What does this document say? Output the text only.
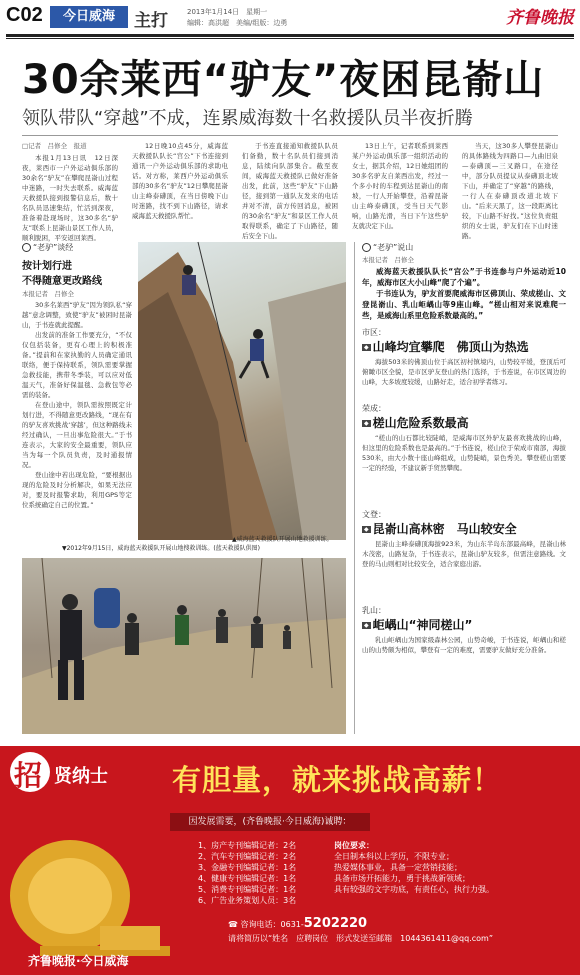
C02	今日威海	主打	2013年1月14日　星期一
编辑：高洪超　美编/组版：边勇	齐鲁晚报
30余莱西“驴友”夜困昆嵛山
领队带队“穿越”不成，连累威海数十名救援队员半夜折腾
□记者　吕修全　报道

本报1月13日讯　12日深夜，莱西市一户外运动俱乐部的30余名“驴友”在攀爬昆嵛山过程中迷路，一时失去联系。威海蓝天救援队接到报警信息后，数十名队员迅速集结，忙活到深夜，准备着赴现场时，这30多名“驴友”联系上昆嵛山景区工作人员，顺利脱困，平安返回莱西。

12日晚10点45分，威海蓝天救援队队长“宫公”下书连接到通讯一户外运动俱乐部的求助电话。对方称，莱西户外运动俱乐部的30多名“驴友”12日攀爬昆嵛山主峰泰礴顶，在当日傍晚下山时迷路，找不到下山路径，请求威海蓝天救援队帮忙。

于书连直接通知救援队队员们备勤，数十名队员们接到消息，陆续向队部集合。截至夜间，威海蓝天救援队已做好准备出发，此前，这些“驴友”下山路径，接到第一通队友发来的电话并对不清，前方传回消息，被困的30余名“驴友”和景区工作人员取得联系，确定了下山路径，随后安全下山。

13日上午，记者联系到莱西某户外运动俱乐部一组织活动的女士，据其介绍，12日她组团的30多名驴友自莱西出发，经过一个多小时的车程到达昆嵛山的南坡，一行人开始攀登，沿着昆嵛山主峰泰礴顶，受当日天气影响，山路光滑，当日下午这些驴友就决定下山。

当天，这30多人攀登昆嵛山的具体路线为四路口—九曲旧泉—泰礴顶—三叉路口，在途径中，部分队员提议从泰礴顶北坡下山，并确定了“穿越”的路线，一行人在泰礴顶改道北坡下山。“后来天黑了，这一段距离比较，下山路不好找。”这位负责组织的女士说，驴友们在下山时迷路。

“老驴”谈经
按计划行进
不得随意更改路线
本报记者　吕修全

30多名莱西“驴友”因为领队私“穿越”意念调整，致使“驴友”被困时昆嵛山，于书连就此提醒。

出发前的准备工作要充分，“不仅仅包括装备，更有心理上的积极准备。”提前和在家执勤的人员确定通讯联络，便于保持联系，领队需要掌握急救技能，携带冬季装，可以应对低温天气，准备好保温毯、急救包等必需的装备。

在登山途中，领队需按照既定计划行进，不得随意更改路线，“现在有的驴友喜欢挑战‘穿越’，但这种路线未经过确认，一旦出事危险很大。”于书连表示，大家的安全最重要，领队应当为每一个队员负责，及时通报情况。

登山途中若出现危险，“要根据出现的危险及时分析解决，如果无法应对，要及时报警求助，利用GPS等定位系统确定自己的位置。”

▲威海蓝天救援队开展山地救援训练。
▼2012年9月15日，威海蓝天救援队开展山地搜救训练。(蓝天救援队供图)
“老驴”说山
本报记者　吕修全
威海蓝天救援队队长“宫公”于书连参与户外运动近10年，威海市区大小山峰“爬了个遍”。
于书连认为，驴友首要爬威海市区佛顶山、荣成槎山、文登昆嵛山、乳山岠嵎山等9座山峰。“槎山相对来说难爬一些，是威海山系里危险系数最高的。”
市区：
◆ 山峰均宜攀爬　佛顶山为热选

海拔503米的佛顶山位于高区初村镇境内，山势较平缓，登顶后可俯瞰市区全貌，是市区驴友登山的热门选择，于书连说，在市区周边的山峰，大多坡度较缓，山路好走，适合初学者练习。

荣成：
◆ 槎山危险系数最高

“槎山的山石都比较陡峭，是威海市区外驴友最喜欢挑战的山峰，但这里的危险系数也是最高的。”于书连说，槎山位于荣成市南部，海拔530米，由大小数十座山峰组成，山势陡峭，景色秀美。攀登槎山需要一定的经验，不建议新手贸然攀爬。

文登：
◆ 昆嵛山高林密　马山较安全

昆嵛山主峰泰礴顶海拔923米，为山东半岛东部最高峰，昆嵛山林木茂密，山路复杂，于书连表示，昆嵛山驴友较多，但需注意路线。文登的马山则相对比较安全，适合家庭出游。

乳山：
◆ 岠嵎山“神同槎山”

乳山岠嵎山为国家级森林公园，山势奇峻，于书连说，岠嵎山和槎山的山势颇为相似，攀登有一定的难度，需要驴友做好充分准备。

招 贤纳士 有胆量，就来挑战高薪！
因发展需要，(齐鲁晚报·今日威海)诚聘：
1、房产专刊编辑记者：2名
2、汽车专刊编辑记者：2名
3、金融专刊编辑记者：1名
4、健康专刊编辑记者：1名
5、消费专刊编辑记者：1名
6、广告业务策划人员：3名
岗位要求：
全日制本科以上学历，不限专业；
热爱媒体事业，具备一定营销技能；
具备市场开拓能力，勇于挑战新领域；
具有较强的文字功底，有责任心，执行力强。
☎ 咨询电话：0631-5202220
请将简历以“姓名　应聘岗位　形式发送至邮箱　1044361411@qq.com”
齐鲁晚报·今日威海
